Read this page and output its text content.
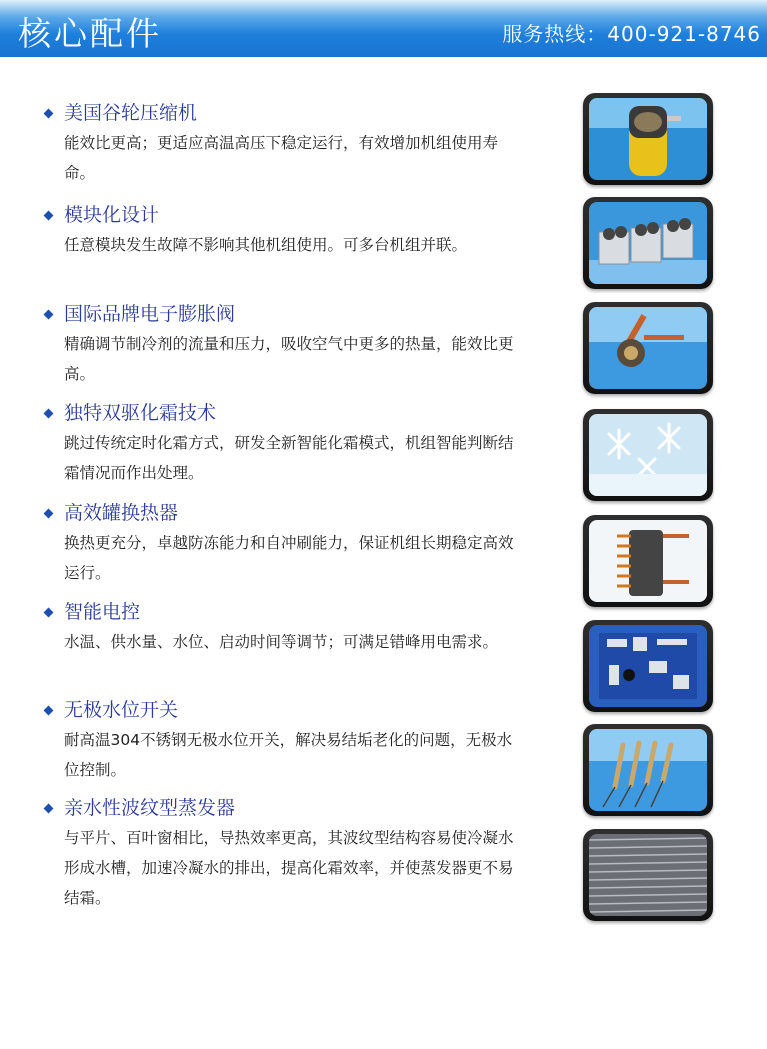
核心配件	服务热线：400-921-8746
美国谷轮压缩机
能效比更高；更适应高温高压下稳定运行，有效增加机组使用寿命。
模块化设计
任意模块发生故障不影响其他机组使用。可多台机组并联。
国际品牌电子膨胀阀
精确调节制冷剂的流量和压力，吸收空气中更多的热量，能效比更高。
独特双驱化霜技术
跳过传统定时化霜方式，研发全新智能化霜模式，机组智能判断结霜情况而作出处理。
高效罐换热器
换热更充分，卓越防冻能力和自冲刷能力，保证机组长期稳定高效运行。
智能电控
水温、供水量、水位、启动时间等调节；可满足错峰用电需求。
无极水位开关
耐高温304不锈钢无极水位开关，解决易结垢老化的问题，无极水位控制。
亲水性波纹型蒸发器
与平片、百叶窗相比，导热效率更高，其波纹型结构容易使冷凝水形成水槽，加速冷凝水的排出，提高化霜效率，并使蒸发器更不易结霜。
